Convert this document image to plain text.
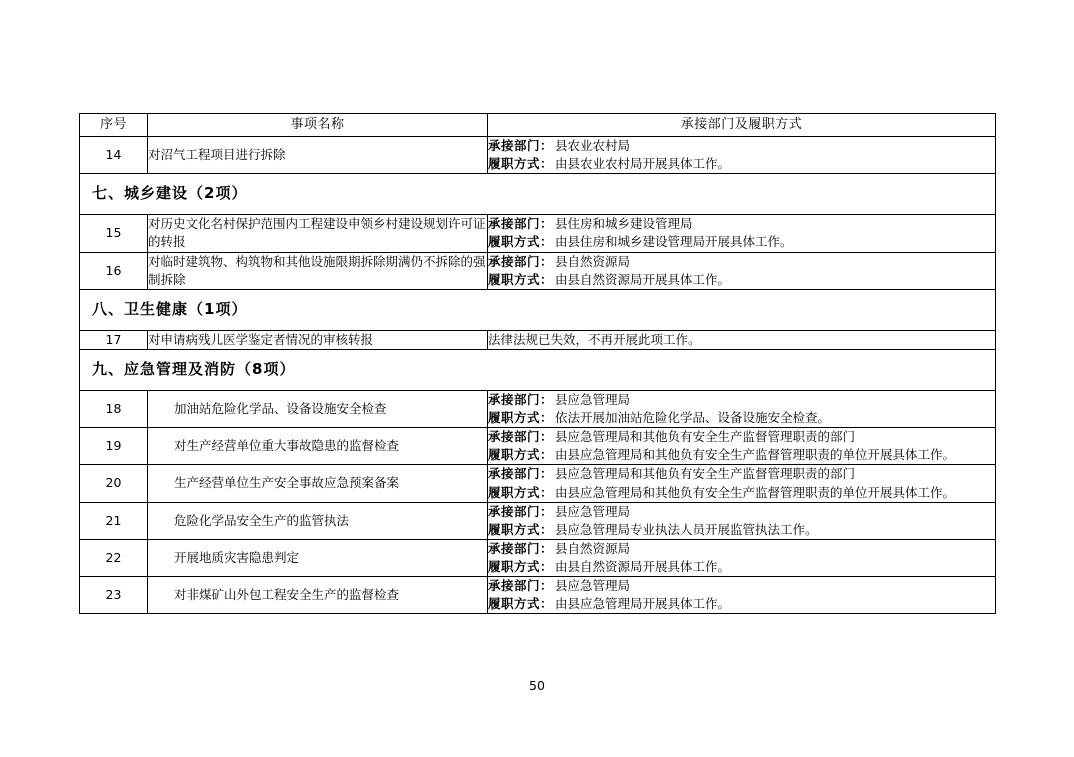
序号	事项名称	承接部门及履职方式
14	对沼气工程项目进行拆除	承接部门： 县农业农村局
履职方式： 由县农业农村局开展具体工作。

七、城乡建设（2项）		
15	对历史文化名村保护范围内工程建设申领乡村建设规划许可证的转报	承接部门： 县住房和城乡建设管理局
履职方式： 由县住房和城乡建设管理局开展具体工作。

16	对临时建筑物、构筑物和其他设施限期拆除期满仍不拆除的强制拆除	承接部门： 县自然资源局
履职方式： 由县自然资源局开展具体工作。

八、卫生健康（1项）		
17	对申请病残儿医学鉴定者情况的审核转报	法律法规已失效，不再开展此项工作。
九、应急管理及消防（8项）		
18	加油站危险化学品、设备设施安全检查	承接部门： 县应急管理局
履职方式： 依法开展加油站危险化学品、设备设施安全检查。

19	对生产经营单位重大事故隐患的监督检查	承接部门： 县应急管理局和其他负有安全生产监督管理职责的部门
履职方式： 由县应急管理局和其他负有安全生产监督管理职责的单位开展具体工作。

20	生产经营单位生产安全事故应急预案备案	承接部门： 县应急管理局和其他负有安全生产监督管理职责的部门
履职方式： 由县应急管理局和其他负有安全生产监督管理职责的单位开展具体工作。

21	危险化学品安全生产的监管执法	承接部门： 县应急管理局
履职方式： 县应急管理局专业执法人员开展监管执法工作。

22	开展地质灾害隐患判定	承接部门： 县自然资源局
履职方式： 由县自然资源局开展具体工作。

23	对非煤矿山外包工程安全生产的监督检查	承接部门： 县应急管理局
履职方式： 由县应急管理局开展具体工作。
50
